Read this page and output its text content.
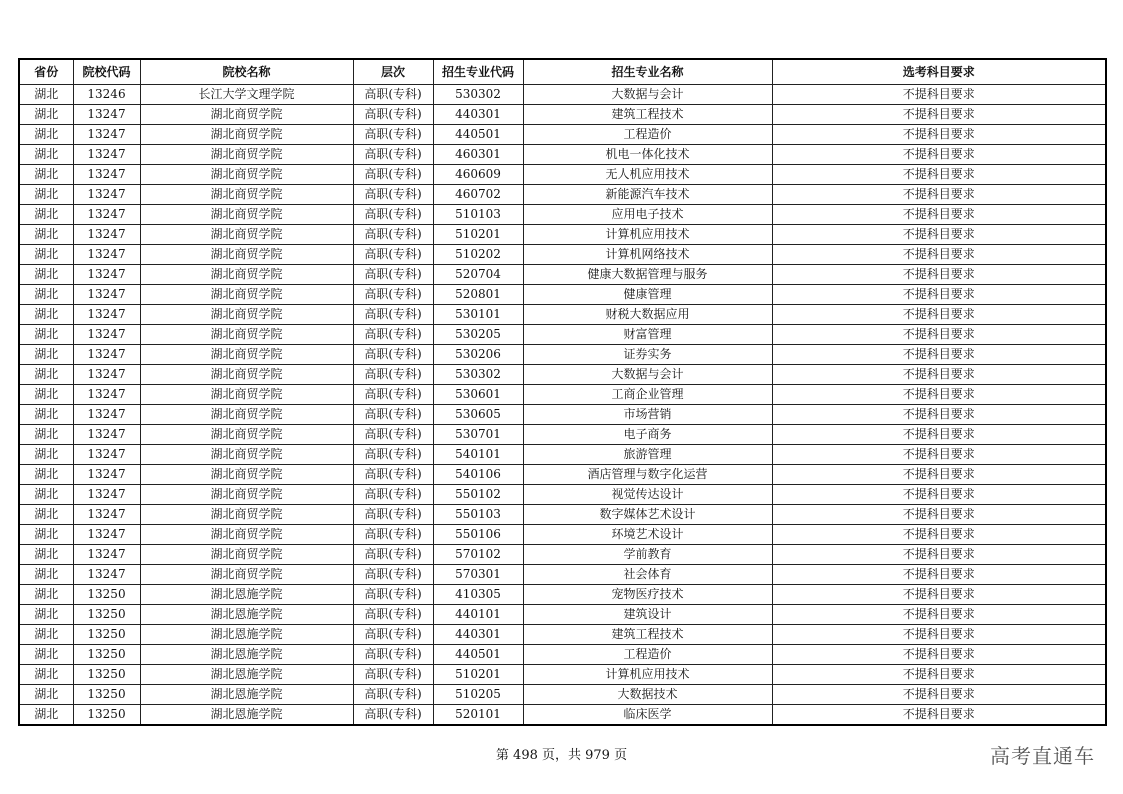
省份	院校代码	院校名称	层次	招生专业代码	招生专业名称	选考科目要求
湖北	13246	长江大学文理学院	高职(专科)	530302	大数据与会计	不提科目要求
湖北	13247	湖北商贸学院	高职(专科)	440301	建筑工程技术	不提科目要求
湖北	13247	湖北商贸学院	高职(专科)	440501	工程造价	不提科目要求
湖北	13247	湖北商贸学院	高职(专科)	460301	机电一体化技术	不提科目要求
湖北	13247	湖北商贸学院	高职(专科)	460609	无人机应用技术	不提科目要求
湖北	13247	湖北商贸学院	高职(专科)	460702	新能源汽车技术	不提科目要求
湖北	13247	湖北商贸学院	高职(专科)	510103	应用电子技术	不提科目要求
湖北	13247	湖北商贸学院	高职(专科)	510201	计算机应用技术	不提科目要求
湖北	13247	湖北商贸学院	高职(专科)	510202	计算机网络技术	不提科目要求
湖北	13247	湖北商贸学院	高职(专科)	520704	健康大数据管理与服务	不提科目要求
湖北	13247	湖北商贸学院	高职(专科)	520801	健康管理	不提科目要求
湖北	13247	湖北商贸学院	高职(专科)	530101	财税大数据应用	不提科目要求
湖北	13247	湖北商贸学院	高职(专科)	530205	财富管理	不提科目要求
湖北	13247	湖北商贸学院	高职(专科)	530206	证券实务	不提科目要求
湖北	13247	湖北商贸学院	高职(专科)	530302	大数据与会计	不提科目要求
湖北	13247	湖北商贸学院	高职(专科)	530601	工商企业管理	不提科目要求
湖北	13247	湖北商贸学院	高职(专科)	530605	市场营销	不提科目要求
湖北	13247	湖北商贸学院	高职(专科)	530701	电子商务	不提科目要求
湖北	13247	湖北商贸学院	高职(专科)	540101	旅游管理	不提科目要求
湖北	13247	湖北商贸学院	高职(专科)	540106	酒店管理与数字化运营	不提科目要求
湖北	13247	湖北商贸学院	高职(专科)	550102	视觉传达设计	不提科目要求
湖北	13247	湖北商贸学院	高职(专科)	550103	数字媒体艺术设计	不提科目要求
湖北	13247	湖北商贸学院	高职(专科)	550106	环境艺术设计	不提科目要求
湖北	13247	湖北商贸学院	高职(专科)	570102	学前教育	不提科目要求
湖北	13247	湖北商贸学院	高职(专科)	570301	社会体育	不提科目要求
湖北	13250	湖北恩施学院	高职(专科)	410305	宠物医疗技术	不提科目要求
湖北	13250	湖北恩施学院	高职(专科)	440101	建筑设计	不提科目要求
湖北	13250	湖北恩施学院	高职(专科)	440301	建筑工程技术	不提科目要求
湖北	13250	湖北恩施学院	高职(专科)	440501	工程造价	不提科目要求
湖北	13250	湖北恩施学院	高职(专科)	510201	计算机应用技术	不提科目要求
湖北	13250	湖北恩施学院	高职(专科)	510205	大数据技术	不提科目要求
湖北	13250	湖北恩施学院	高职(专科)	520101	临床医学	不提科目要求
第 498 页，共 979 页	高考直通车
